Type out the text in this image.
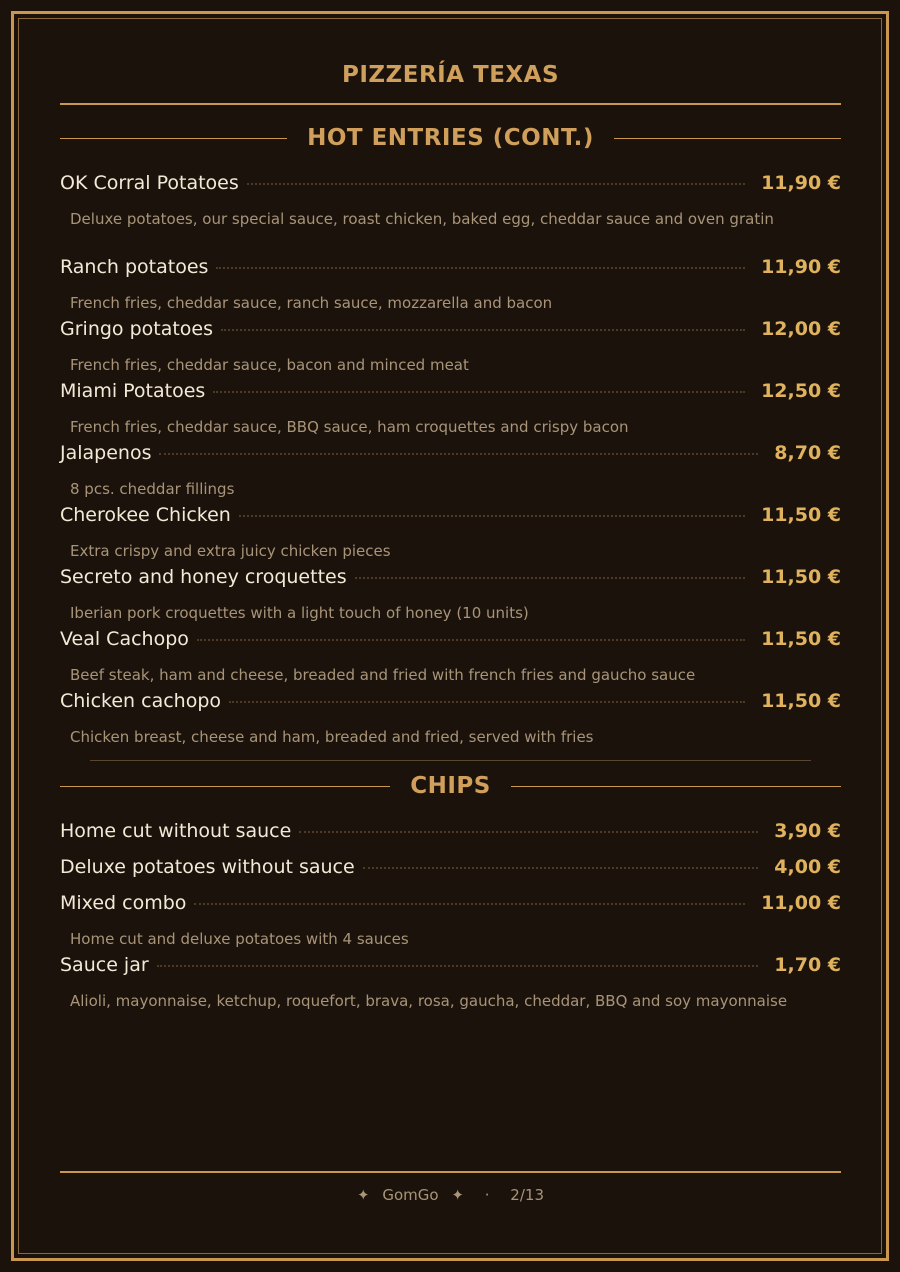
PIZZERÍA TEXAS
HOT ENTRIES (CONT.)
OK Corral Potatoes	11,90 €
Deluxe potatoes, our special sauce, roast chicken, baked egg, cheddar sauce and oven gratin
Ranch potatoes	11,90 €
French fries, cheddar sauce, ranch sauce, mozzarella and bacon
Gringo potatoes	12,00 €
French fries, cheddar sauce, bacon and minced meat
Miami Potatoes	12,50 €
French fries, cheddar sauce, BBQ sauce, ham croquettes and crispy bacon
Jalapenos	8,70 €
8 pcs. cheddar fillings
Cherokee Chicken	11,50 €
Extra crispy and extra juicy chicken pieces
Secreto and honey croquettes	11,50 €
Iberian pork croquettes with a light touch of honey (10 units)
Veal Cachopo	11,50 €
Beef steak, ham and cheese, breaded and fried with french fries and gaucho sauce
Chicken cachopo	11,50 €
Chicken breast, cheese and ham, breaded and fried, served with fries
CHIPS
Home cut without sauce	3,90 €
Deluxe potatoes without sauce	4,00 €
Mixed combo	11,00 €
Home cut and deluxe potatoes with 4 sauces
Sauce jar	1,70 €
Alioli, mayonnaise, ketchup, roquefort, brava, rosa, gaucha, cheddar, BBQ and soy mayonnaise
✦ GomGo ✦ · 2/13
